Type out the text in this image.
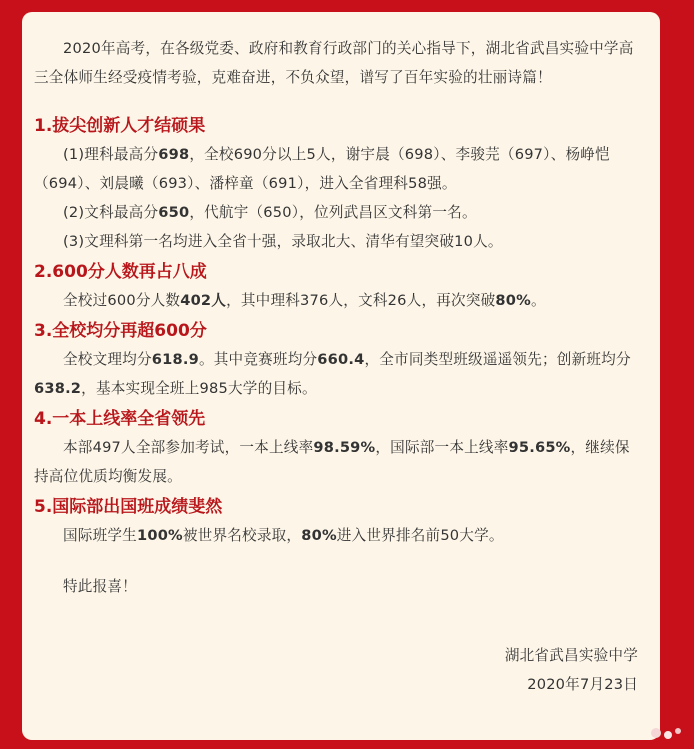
2020年高考，在各级党委、政府和教育行政部门的关心指导下，湖北省武昌实验中学高三全体师生经受疫情考验，克难奋进，不负众望，谱写了百年实验的壮丽诗篇！

1.拔尖创新人才结硕果

(1)理科最高分698，全校690分以上5人，谢宇晨（698）、李骏芫（697）、杨峥恺（694）、刘晨曦（693）、潘梓童（691），进入全省理科58强。

(2)文科最高分650，代航宇（650），位列武昌区文科第一名。

(3)文理科第一名均进入全省十强，录取北大、清华有望突破10人。

2.600分人数再占八成

全校过600分人数402人，其中理科376人，文科26人，再次突破80%。

3.全校均分再超600分

全校文理均分618.9。其中竞赛班均分660.4，全市同类型班级遥遥领先；创新班均分638.2，基本实现全班上985大学的目标。

4.一本上线率全省领先

本部497人全部参加考试，一本上线率98.59%，国际部一本上线率95.65%，继续保持高位优质均衡发展。

5.国际部出国班成绩斐然

国际班学生100%被世界名校录取，80%进入世界排名前50大学。

特此报喜！

湖北省武昌实验中学

2020年7月23日
